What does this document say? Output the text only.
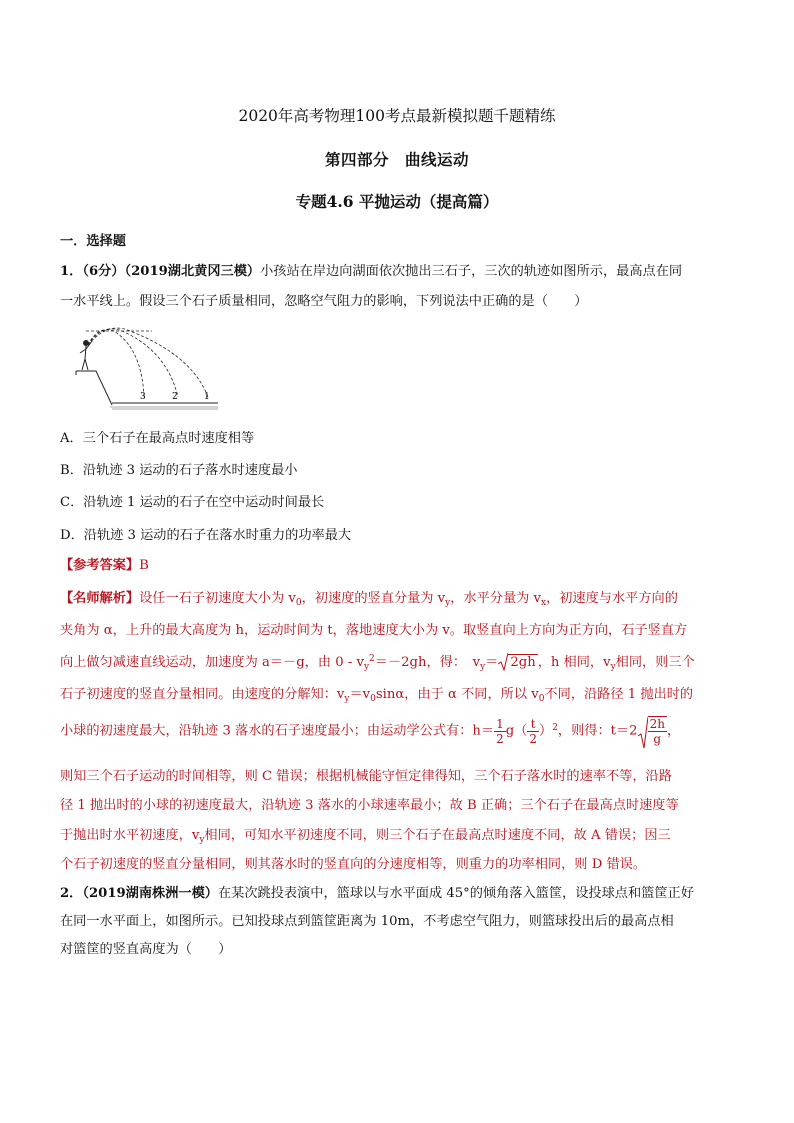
2020年高考物理100考点最新模拟题千题精练
第四部分　曲线运动
专题4.6 平抛运动（提高篇）
一．选择题
1．（6分）（2019湖北黄冈三模）小孩站在岸边向湖面依次抛出三石子，三次的轨迹如图所示，最高点在同
一水平线上。假设三个石子质量相同，忽略空气阻力的影响，下列说法中正确的是（　　）
3	2	1
A．三个石子在最高点时速度相等
B．沿轨迹 3 运动的石子落水时速度最小
C．沿轨迹 1 运动的石子在空中运动时间最长
D．沿轨迹 3 运动的石子在落水时重力的功率最大
【参考答案】B
【名师解析】设任一石子初速度大小为 $v_0$，初速度的竖直分量为 $v_y$，水平分量为 $v_x$，初速度与水平方向的
夹角为 α，上升的最大高度为 h，运动时间为 t，落地速度大小为 v。取竖直向上方向为正方向，石子竖直方
向上做匀减速直线运动，加速度为 a＝－g，由 $0 - v_y^2=-2gh$，得：　$v_y= 2gh$ ，h 相同，$v_y$相同，则三个
石子初速度的竖直分量相同。由速度的分解知：$v_y=v_0\sin\alpha$，由于 α 不同，所以 $v_0$不同，沿路径 1 抛出时的
小球的初速度最大，沿轨迹 3 落水的石子速度最小；由运动学公式有：$h= \frac{1}{2} g( \frac{t}{2} )^2$，则得：$t=2 \frac{2h}{g}$ ，
则知三个石子运动的时间相等，则 C 错误；根据机械能守恒定律得知，三个石子落水时的速率不等，沿路
径 1 抛出时的小球的初速度最大，沿轨迹 3 落水的小球速率最小；故 B 正确；三个石子在最高点时速度等
于抛出时水平初速度，$v_y$相同，可知水平初速度不同，则三个石子在最高点时速度不同，故 A 错误；因三
个石子初速度的竖直分量相同，则其落水时的竖直向的分速度相等，则重力的功率相同，则 D 错误。
2．（2019湖南株洲一模）在某次跳投表演中，篮球以与水平面成 45°的倾角落入篮筐，设投球点和篮筐正好
在同一水平面上，如图所示。已知投球点到篮筐距离为 10m，不考虑空气阻力，则篮球投出后的最高点相
对篮筐的竖直高度为（　　）
